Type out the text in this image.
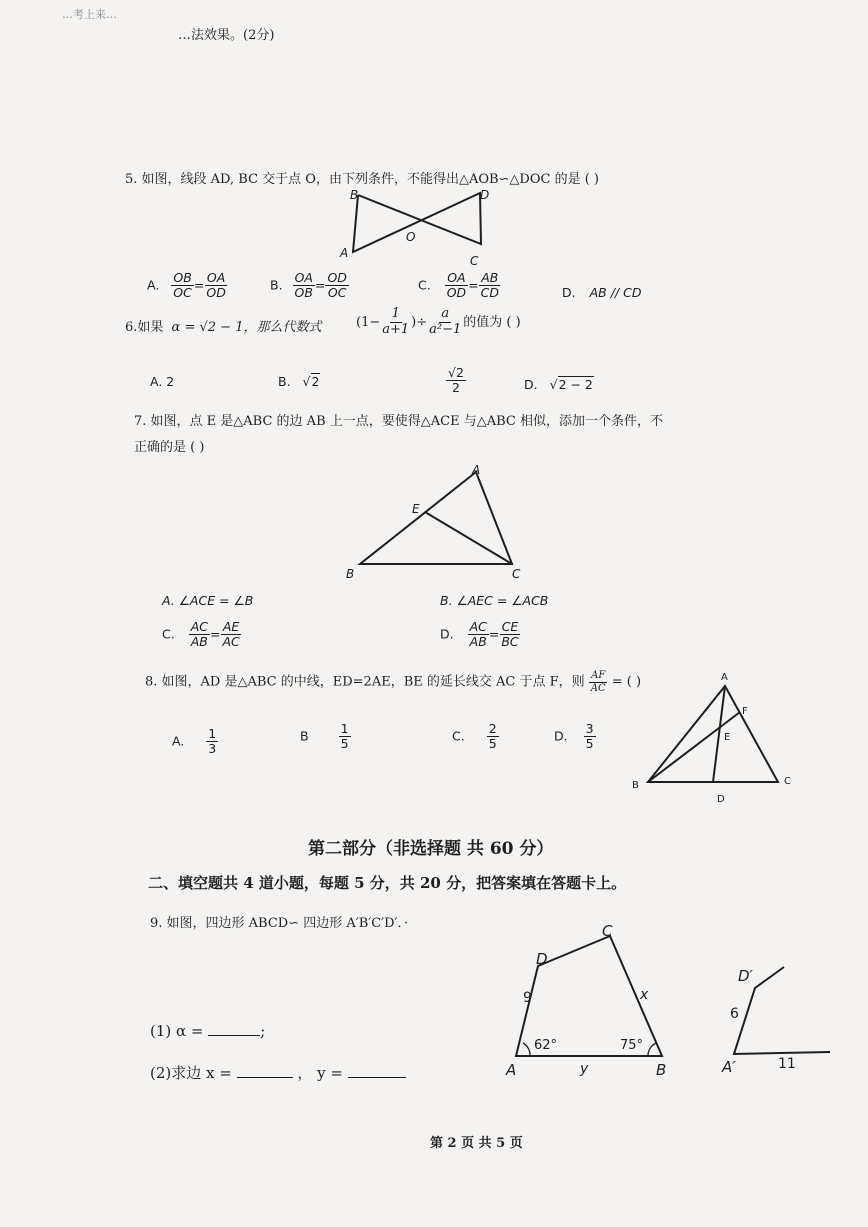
…考上来…
…法效果。(2分)
5. 如图，线段 AD, BC 交于点 O，由下列条件，不能得出△AOB∽△DOC 的是 ( )
B	D
O
A
C
A. $\frac{OB}{OC} = \frac{OA}{OD}$	B. $\frac{OA}{OB} = \frac{OD}{OC}$	C. $\frac{OA}{OD} = \frac{AB}{CD}$	D. AB // CD
6.如果 α = √2 − 1，那么代数式	($1- \frac{1}{a+1}$ )÷ $\frac{a}{\text{a²−1}}$ 的值为 ( )
A. 2	B. √2	$\frac{√2}{2}$	D. √2 − 2
7. 如图，点 E 是△ABC 的边 AB 上一点，要使得△ACE 与△ABC 相似，添加一个条件，不
正确的是 ( )
A
E
B	C
A. ∠ACE = ∠B	B. ∠AEC = ∠ACB
C. $\frac{AC}{AB} = \frac{AE}{AC}$	D. $\frac{AC}{AB} = \frac{CE}{BC}$
8. 如图，AD 是△ABC 的中线，ED=2AE，BE 的延长线交 AC 于点 F，则 $\frac{AF}{AC}$ = ( )	A
F
E
B
D
C
A. $\frac{1}{3}$	B $\frac{1}{5}$	C. $\frac{2}{5}$	D. $\frac{3}{5}$
第二部分（非选择题 共 60 分）
二、填空题共 4 道小题，每题 5 分，共 20 分，把答案填在答题卡上。
9. 如图，四边形 ABCD∽ 四边形 A′B′C′D′．·
(1) α =	;
(2)求边 x =	， y =
D
C
9	x
62°	75°
A	y	B
D′
6
A′	11
第 2 页 共 5 页
